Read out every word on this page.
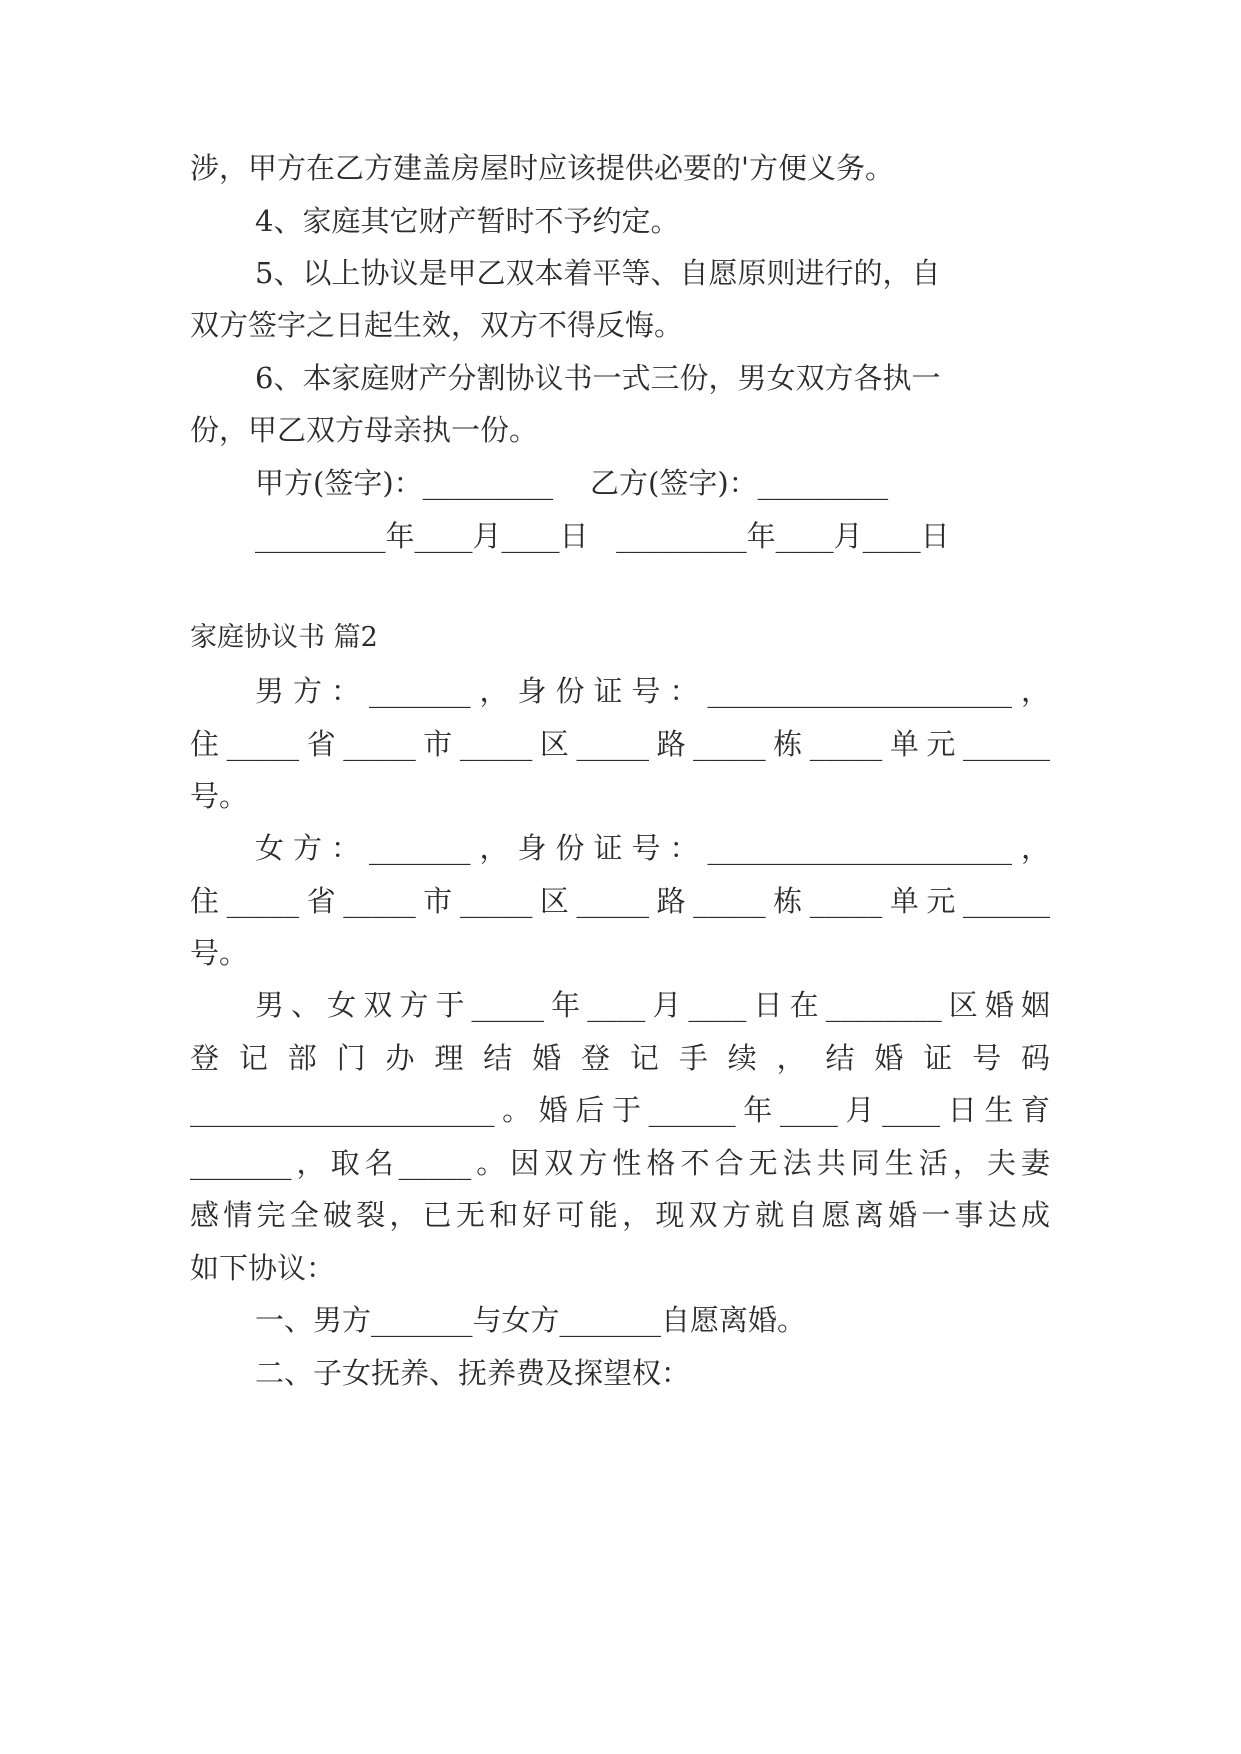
涉，甲方在乙方建盖房屋时应该提供必要的'方便义务。
4、家庭其它财产暂时不予约定。
5、以上协议是甲乙双本着平等、自愿原则进行的，自
双方签字之日起生效，双方不得反悔。
6、本家庭财产分割协议书一式三份，男女双方各执一
份，甲乙双方母亲执一份。
甲方(签字)：_________    乙方(签字)：_________
_________年____月____日   _________年____月____日
家庭协议书 篇2
男方：_______，身份证号：_____________________，
住_____省_____市_____区_____路_____栋_____单元______
号。
女方：_______，身份证号：_____________________，
住_____省_____市_____区_____路_____栋_____单元______
号。
男、女双方于_____年____月____日在________区婚姻
登记部门办理结婚登记手续，结婚证号码
_____________________。婚后于______年____月____日生育
_______，取名_____。因双方性格不合无法共同生活，夫妻
感情完全破裂，已无和好可能，现双方就自愿离婚一事达成
如下协议：
一、男方_______与女方_______自愿离婚。
二、子女抚养、抚养费及探望权：
